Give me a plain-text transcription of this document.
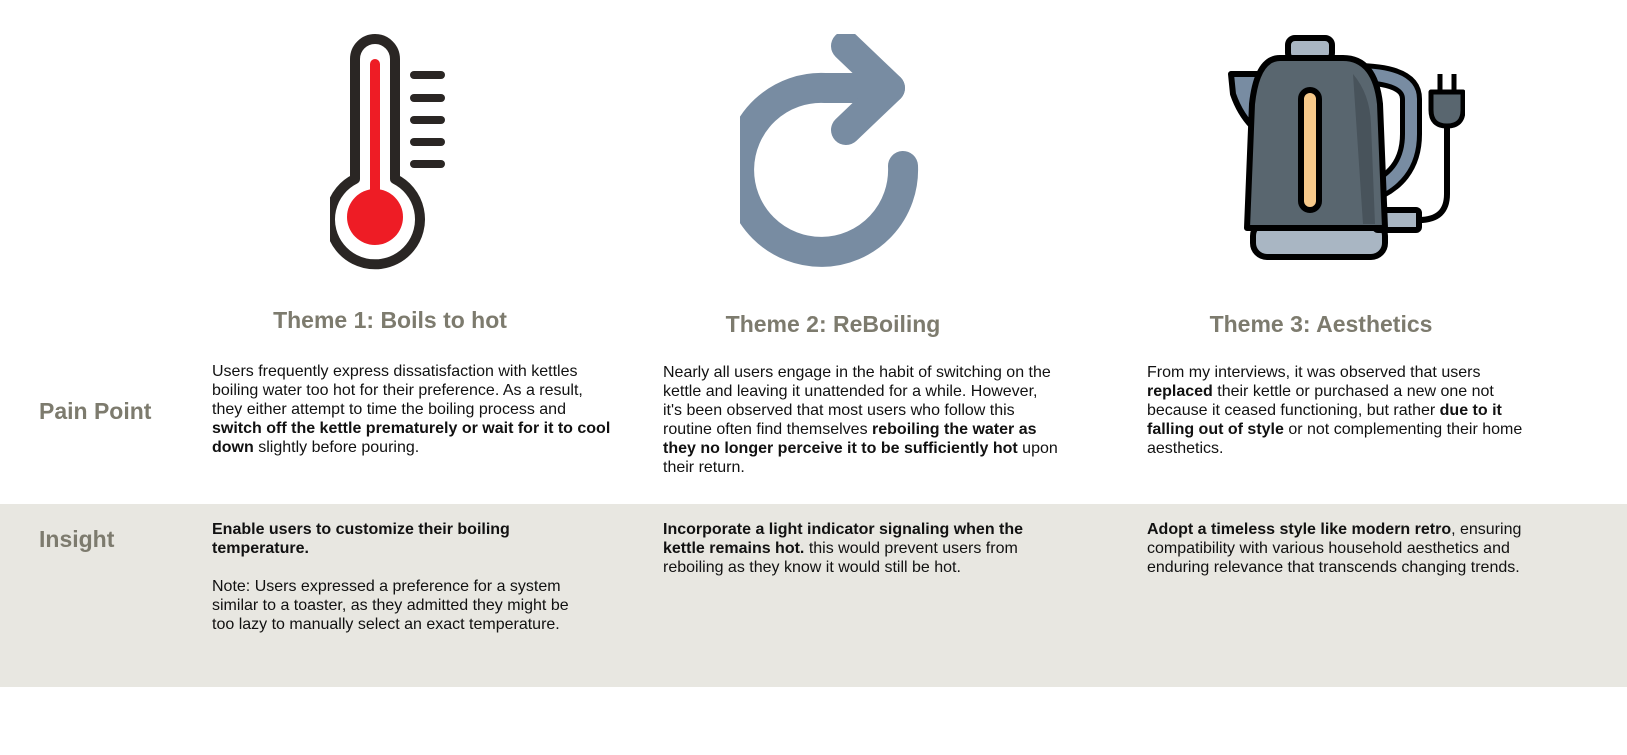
Theme 1: Boils to hot	Theme 2: ReBoiling	Theme 3: Aesthetics
Pain Point
Insight
Users frequently express dissatisfaction with kettles boiling water too hot for their preference. As a result, they either attempt to time the boiling process and switch off the kettle prematurely or wait for it to cool down slightly before pouring.
Nearly all users engage in the habit of switching on the kettle and leaving it unattended for a while. However, it's been observed that most users who follow this routine often find themselves reboiling the water as they no longer perceive it to be sufficiently hot upon their return.
From my interviews, it was observed that users replaced their kettle or purchased a new one not because it ceased functioning, but rather due to it falling out of style or not complementing their home aesthetics.

Enable users to customize their boiling temperature.

Note: Users expressed a preference for a system similar to a toaster, as they admitted they might be too lazy to manually select an exact temperature.

Incorporate a light indicator signaling when the kettle remains hot. this would prevent users from reboiling as they know it would still be hot.
Adopt a timeless style like modern retro, ensuring compatibility with various household aesthetics and enduring relevance that transcends changing trends.
